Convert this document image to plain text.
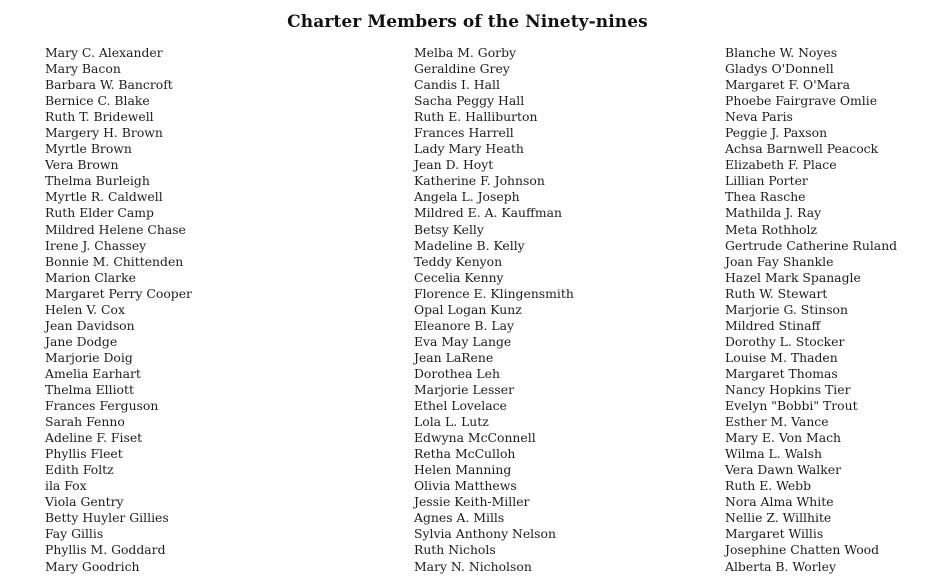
Charter Members of the Ninety-nines
Mary C. Alexander
Mary Bacon
Barbara W. Bancroft
Bernice C. Blake
Ruth T. Bridewell
Margery H. Brown
Myrtle Brown
Vera Brown
Thelma Burleigh
Myrtle R. Caldwell
Ruth Elder Camp
Mildred Helene Chase
Irene J. Chassey
Bonnie M. Chittenden
Marion Clarke
Margaret Perry Cooper
Helen V. Cox
Jean Davidson
Jane Dodge
Marjorie Doig
Amelia Earhart
Thelma Elliott
Frances Ferguson
Sarah Fenno
Adeline F. Fiset
Phyllis Fleet
Edith Foltz
ila Fox
Viola Gentry
Betty Huyler Gillies
Fay Gillis
Phyllis M. Goddard
Mary Goodrich
Melba M. Gorby
Geraldine Grey
Candis I. Hall
Sacha Peggy Hall
Ruth E. Halliburton
Frances Harrell
Lady Mary Heath
Jean D. Hoyt
Katherine F. Johnson
Angela L. Joseph
Mildred E. A. Kauffman
Betsy Kelly
Madeline B. Kelly
Teddy Kenyon
Cecelia Kenny
Florence E. Klingensmith
Opal Logan Kunz
Eleanore B. Lay
Eva May Lange
Jean LaRene
Dorothea Leh
Marjorie Lesser
Ethel Lovelace
Lola L. Lutz
Edwyna McConnell
Retha McCulloh
Helen Manning
Olivia Matthews
Jessie Keith-Miller
Agnes A. Mills
Sylvia Anthony Nelson
Ruth Nichols
Mary N. Nicholson
Blanche W. Noyes
Gladys O'Donnell
Margaret F. O'Mara
Phoebe Fairgrave Omlie
Neva Paris
Peggie J. Paxson
Achsa Barnwell Peacock
Elizabeth F. Place
Lillian Porter
Thea Rasche
Mathilda J. Ray
Meta Rothholz
Gertrude Catherine Ruland
Joan Fay Shankle
Hazel Mark Spanagle
Ruth W. Stewart
Marjorie G. Stinson
Mildred Stinaff
Dorothy L. Stocker
Louise M. Thaden
Margaret Thomas
Nancy Hopkins Tier
Evelyn "Bobbi" Trout
Esther M. Vance
Mary E. Von Mach
Wilma L. Walsh
Vera Dawn Walker
Ruth E. Webb
Nora Alma White
Nellie Z. Willhite
Margaret Willis
Josephine Chatten Wood
Alberta B. Worley
